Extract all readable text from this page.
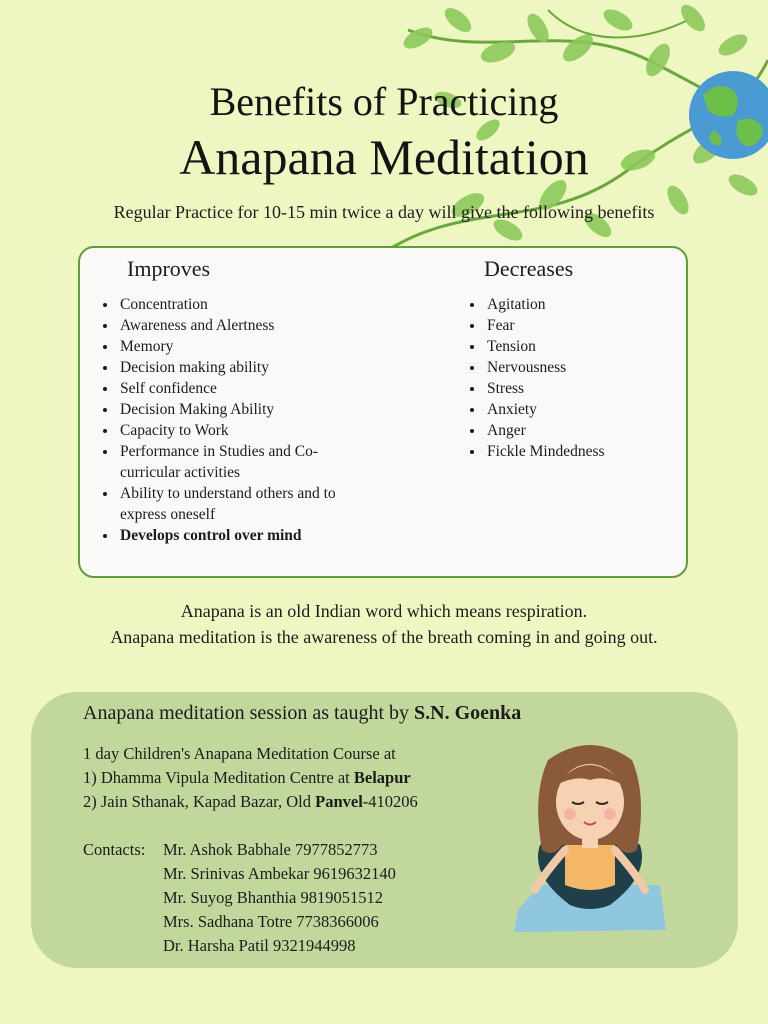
Benefits of Practicing
Anapana Meditation
Regular Practice for 10-15 min twice a day will give the following benefits
Improves	Decreases
• Concentration
• Awareness and Alertness
• Memory
• Decision making ability
• Self confidence
• Decision Making Ability
• Capacity to Work
• Performance in Studies and Co-curricular activities
• Ability to understand others and to express oneself
• Develops control over mind
• Agitation
• Fear
• Tension
• Nervousness
• Stress
• Anxiety
• Anger
• Fickle Mindedness
Anapana is an old Indian word which means respiration.
Anapana meditation is the awareness of the breath coming in and going out.
Anapana meditation session as taught by S.N. Goenka
1 day Children's Anapana Meditation Course at
1) Dhamma Vipula Meditation Centre at Belapur
2) Jain Sthanak, Kapad Bazar, Old Panvel-410206
Contacts:	Mr. Ashok Babhale 7977852773
Mr. Srinivas Ambekar 9619632140
Mr. Suyog Bhanthia 9819051512
Mrs. Sadhana Totre 7738366006
Dr. Harsha Patil 9321944998
